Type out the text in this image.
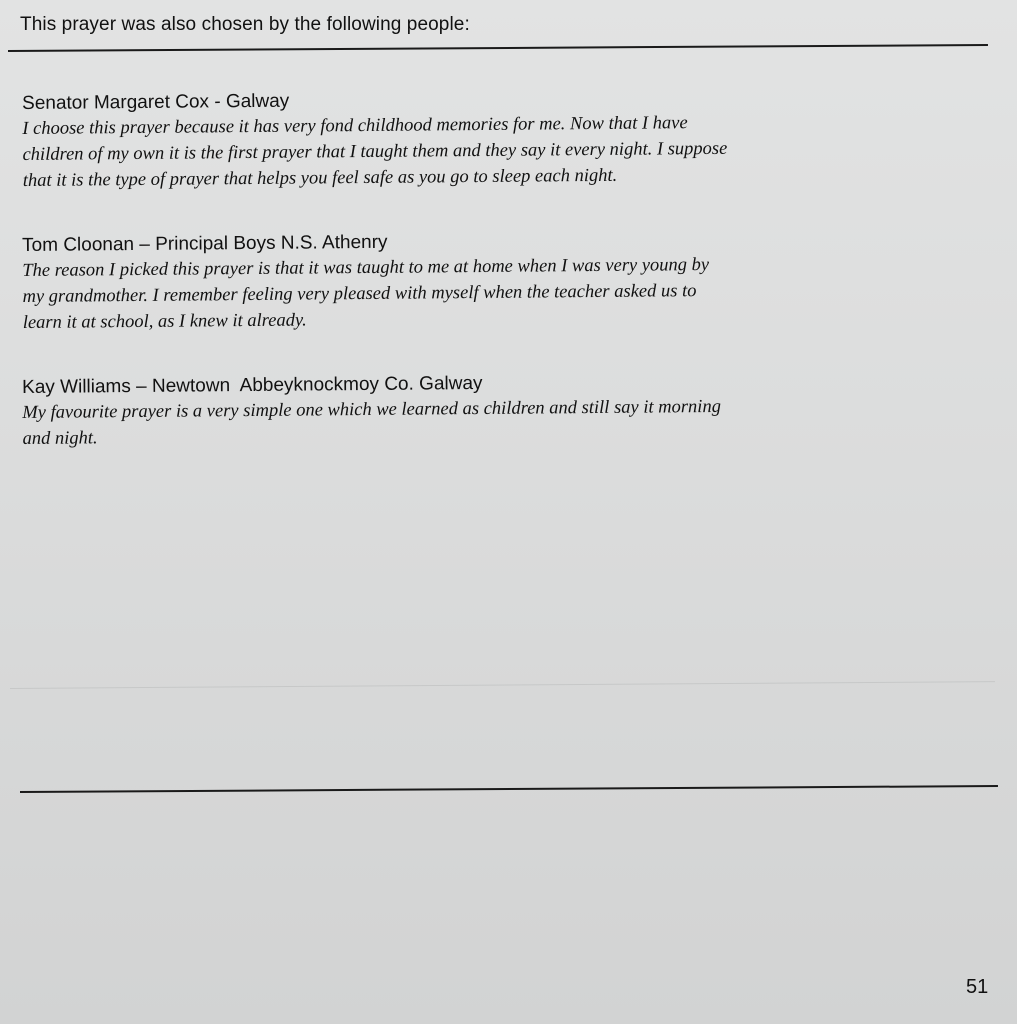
This prayer was also chosen by the following people:
Senator Margaret Cox - Galway
I choose this prayer because it has very fond childhood memories for me. Now that I have
children of my own it is the first prayer that I taught them and they say it every night. I suppose
that it is the type of prayer that helps you feel safe as you go to sleep each night.
Tom Cloonan – Principal Boys N.S. Athenry
The reason I picked this prayer is that it was taught to me at home when I was very young by
my grandmother. I remember feeling very pleased with myself when the teacher asked us to
learn it at school, as I knew it already.
Kay Williams – Newtown  Abbeyknockmoy Co. Galway
My favourite prayer is a very simple one which we learned as children and still say it morning
and night.
51
